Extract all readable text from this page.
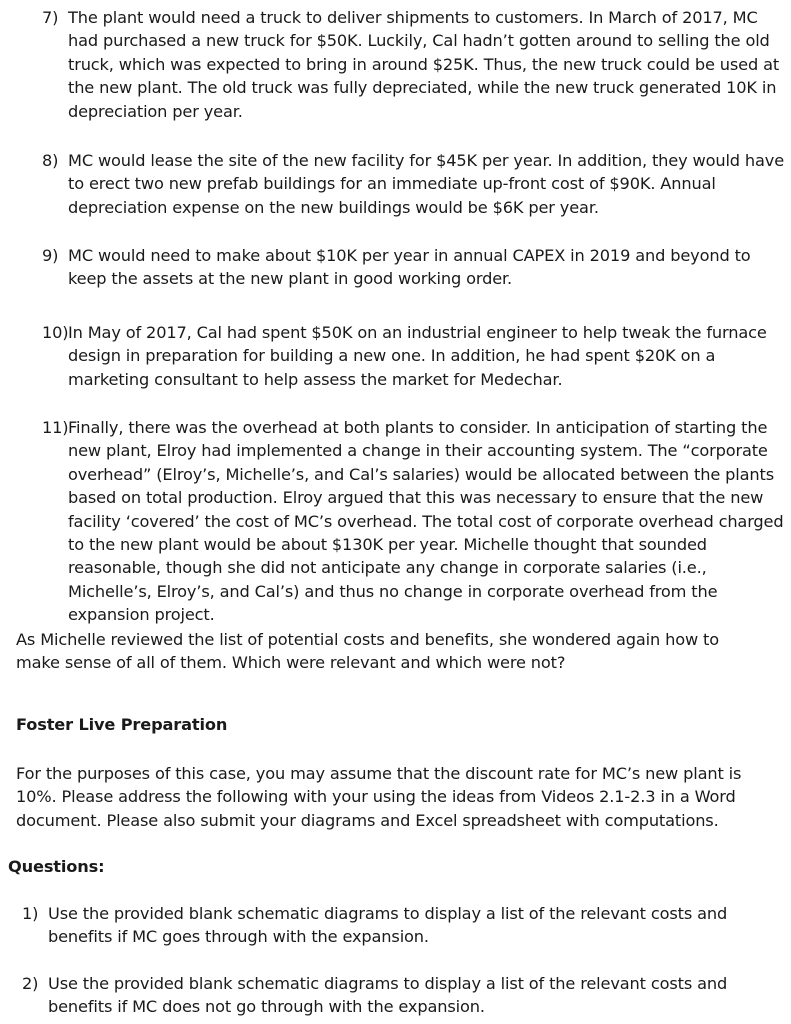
7) The plant would need a truck to deliver shipments to customers. In March of 2017, MC had purchased a new truck for $50K. Luckily, Cal hadn’t gotten around to selling the old truck, which was expected to bring in around $25K. Thus, the new truck could be used at the new plant. The old truck was fully depreciated, while the new truck generated 10K in depreciation per year.
8) MC would lease the site of the new facility for $45K per year. In addition, they would have to erect two new prefab buildings for an immediate up-front cost of $90K. Annual depreciation expense on the new buildings would be $6K per year.
9) MC would need to make about $10K per year in annual CAPEX in 2019 and beyond to keep the assets at the new plant in good working order.
10) In May of 2017, Cal had spent $50K on an industrial engineer to help tweak the furnace design in preparation for building a new one. In addition, he had spent $20K on a marketing consultant to help assess the market for Medechar.
11) Finally, there was the overhead at both plants to consider. In anticipation of starting the new plant, Elroy had implemented a change in their accounting system. The “corporate overhead” (Elroy’s, Michelle’s, and Cal’s salaries) would be allocated between the plants based on total production. Elroy argued that this was necessary to ensure that the new facility ‘covered’ the cost of MC’s overhead. The total cost of corporate overhead charged to the new plant would be about $130K per year. Michelle thought that sounded reasonable, though she did not anticipate any change in corporate salaries (i.e., Michelle’s, Elroy’s, and Cal’s) and thus no change in corporate overhead from the expansion project.
As Michelle reviewed the list of potential costs and benefits, she wondered again how to make sense of all of them. Which were relevant and which were not?
Foster Live Preparation
For the purposes of this case, you may assume that the discount rate for MC’s new plant is 10%. Please address the following with your using the ideas from Videos 2.1-2.3 in a Word document. Please also submit your diagrams and Excel spreadsheet with computations.
Questions:
1) Use the provided blank schematic diagrams to display a list of the relevant costs and benefits if MC goes through with the expansion.
2) Use the provided blank schematic diagrams to display a list of the relevant costs and benefits if MC does not go through with the expansion.
